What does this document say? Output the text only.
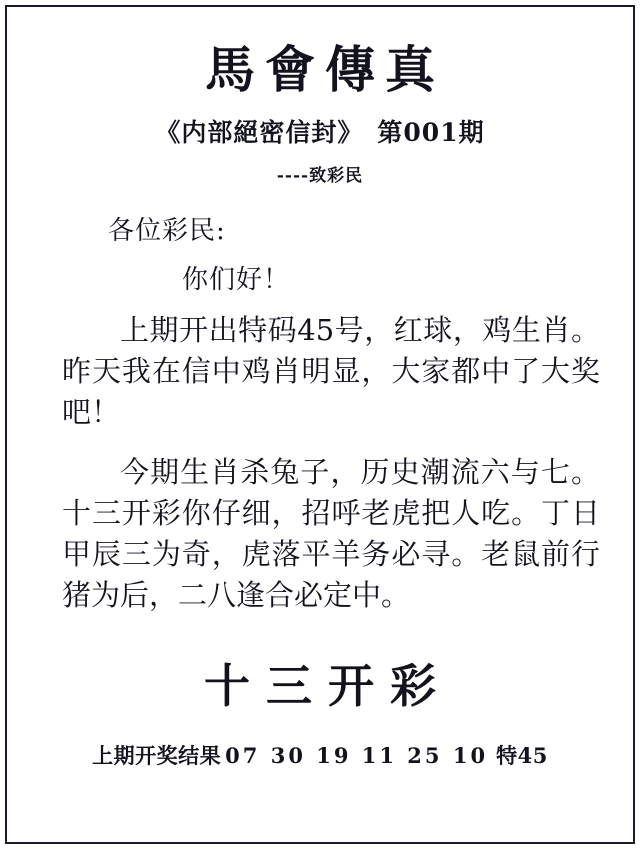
馬會傳真
《内部絕密信封》 第001期
----致彩民
各位彩民:
你们好！
上期开出特码45号，红球，鸡生肖。昨天我在信中鸡肖明显，大家都中了大奖吧！
今期生肖杀兔子，历史潮流六与七。十三开彩你仔细，招呼老虎把人吃。丁日甲辰三为奇，虎落平羊务必寻。老鼠前行猪为后，二八逢合必定中。
十三开彩
上期开奖结果 07 30 19 11 25 10 特45
